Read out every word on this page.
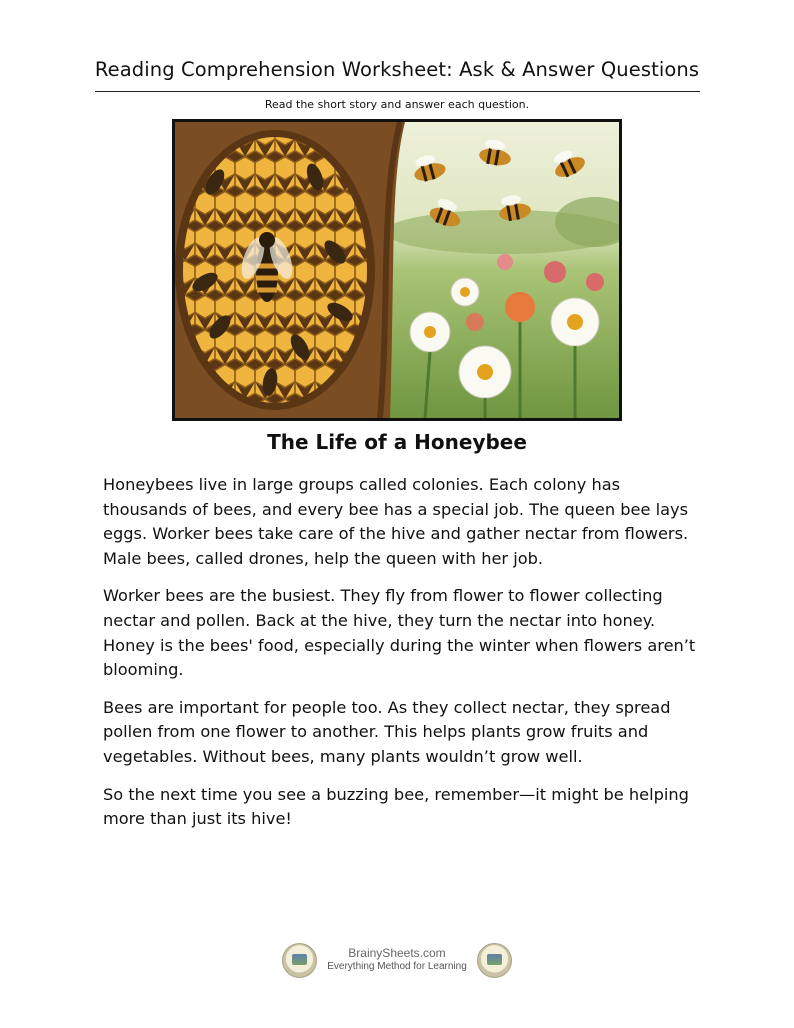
Reading Comprehension Worksheet: Ask & Answer Questions
Read the short story and answer each question.
The Life of a Honeybee

Honeybees live in large groups called colonies. Each colony has thousands of bees, and every bee has a special job. The queen bee lays eggs. Worker bees take care of the hive and gather nectar from flowers. Male bees, called drones, help the queen with her job.

Worker bees are the busiest. They fly from flower to flower collecting nectar and pollen. Back at the hive, they turn the nectar into honey. Honey is the bees' food, especially during the winter when flowers aren’t blooming.

Bees are important for people too. As they collect nectar, they spread pollen from one flower to another. This helps plants grow fruits and vegetables. Without bees, many plants wouldn’t grow well.

So the next time you see a buzzing bee, remember—it might be helping more than just its hive!

BrainySheets.com
Everything Method for Learning
